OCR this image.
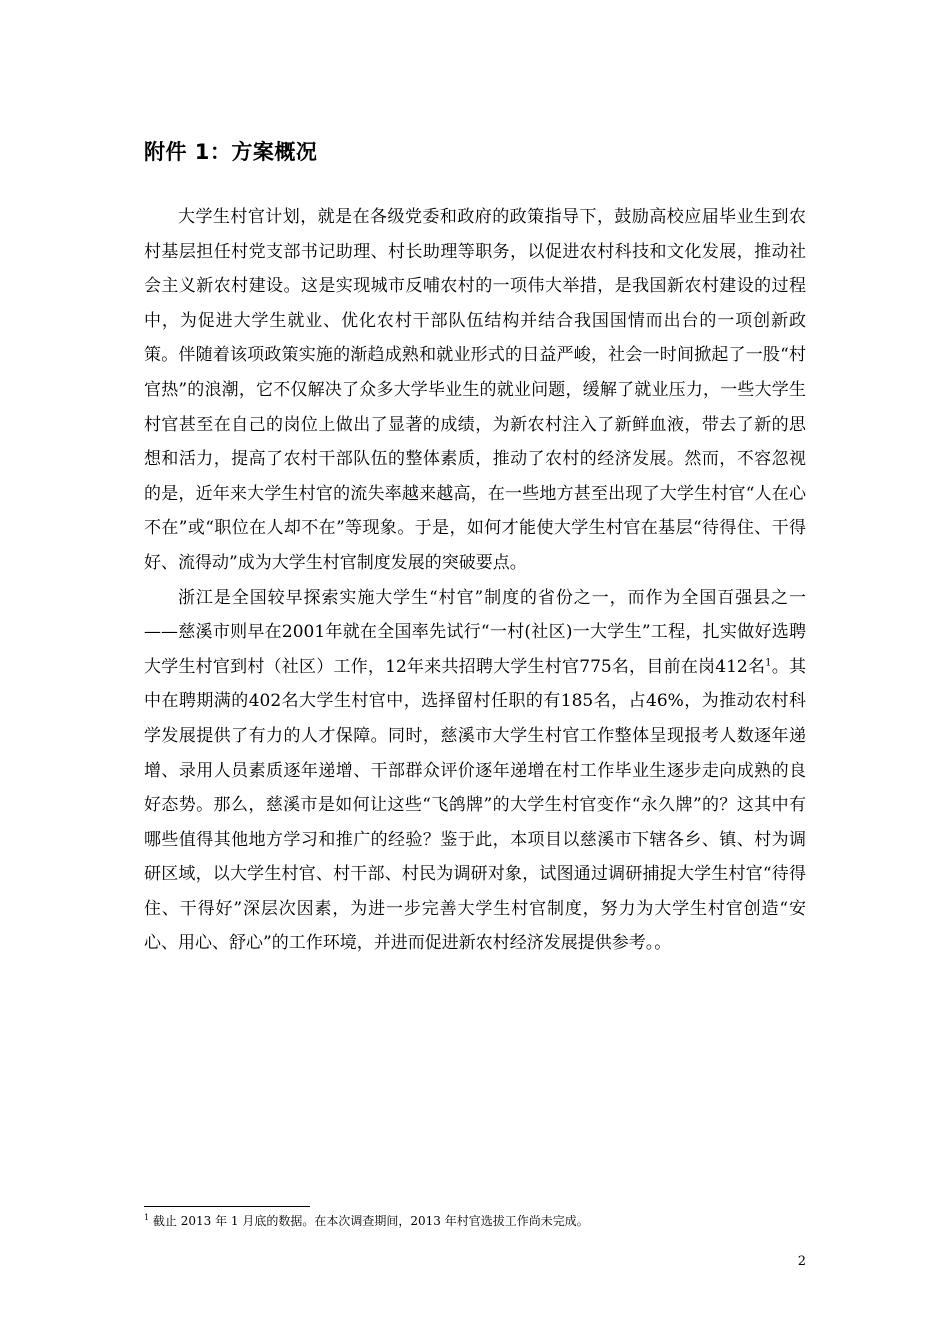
附件 1：方案概况

大学生村官计划，就是在各级党委和政府的政策指导下，鼓励高校应届毕业生到农村基层担任村党支部书记助理、村长助理等职务，以促进农村科技和文化发展，推动社会主义新农村建设。这是实现城市反哺农村的一项伟大举措，是我国新农村建设的过程中，为促进大学生就业、优化农村干部队伍结构并结合我国国情而出台的一项创新政策。伴随着该项政策实施的渐趋成熟和就业形式的日益严峻，社会一时间掀起了一股“村官热”的浪潮，它不仅解决了众多大学毕业生的就业问题，缓解了就业压力，一些大学生村官甚至在自己的岗位上做出了显著的成绩，为新农村注入了新鲜血液，带去了新的思想和活力，提高了农村干部队伍的整体素质，推动了农村的经济发展。然而，不容忽视的是，近年来大学生村官的流失率越来越高，在一些地方甚至出现了大学生村官“人在心不在”或“职位在人却不在”等现象。于是，如何才能使大学生村官在基层“待得住、干得好、流得动”成为大学生村官制度发展的突破要点。

浙江是全国较早探索实施大学生“村官”制度的省份之一，而作为全国百强县之一——慈溪市则早在2001年就在全国率先试行“一村(社区)一大学生”工程，扎实做好选聘大学生村官到村（社区）工作，12年来共招聘大学生村官775名，目前在岗412名$^1$。其中在聘期满的402名大学生村官中，选择留村任职的有185名，占46%，为推动农村科学发展提供了有力的人才保障。同时，慈溪市大学生村官工作整体呈现报考人数逐年递增、录用人员素质逐年递增、干部群众评价逐年递增在村工作毕业生逐步走向成熟的良好态势。那么，慈溪市是如何让这些“飞鸽牌”的大学生村官变作“永久牌”的？这其中有哪些值得其他地方学习和推广的经验？鉴于此，本项目以慈溪市下辖各乡、镇、村为调研区域，以大学生村官、村干部、村民为调研对象，试图通过调研捕捉大学生村官“待得住、干得好”深层次因素，为进一步完善大学生村官制度，努力为大学生村官创造“安心、用心、舒心”的工作环境，并进而促进新农村经济发展提供参考。。

$^1$ 截止 2013 年 1 月底的数据。在本次调查期间，2013 年村官选拔工作尚未完成。
2
